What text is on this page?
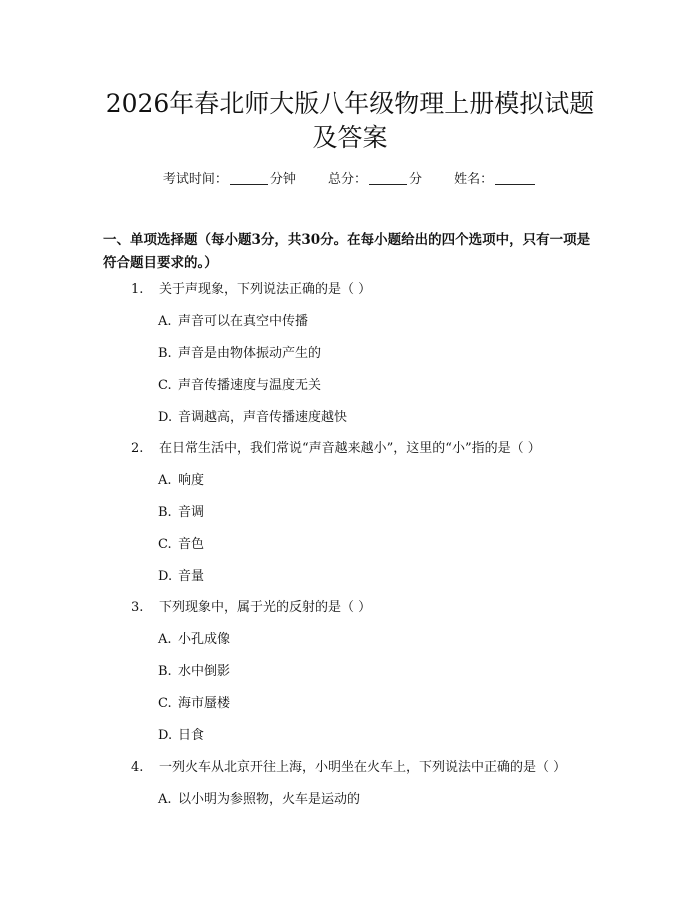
2026年春北师大版八年级物理上册模拟试题
及答案
考试时间：	分钟 总分：	分 姓名：
一、单项选择题（每小题3分，共30分。在每小题给出的四个选项中，只有一项是符合题目要求的。）
1. 关于声现象，下列说法正确的是（ ）
A. 声音可以在真空中传播
B. 声音是由物体振动产生的
C. 声音传播速度与温度无关
D. 音调越高，声音传播速度越快
2. 在日常生活中，我们常说“声音越来越小”，这里的“小”指的是（ ）
A. 响度
B. 音调
C. 音色
D. 音量
3. 下列现象中，属于光的反射的是（ ）
A. 小孔成像
B. 水中倒影
C. 海市蜃楼
D. 日食
4. 一列火车从北京开往上海，小明坐在火车上，下列说法中正确的是（ ）
A. 以小明为参照物，火车是运动的
